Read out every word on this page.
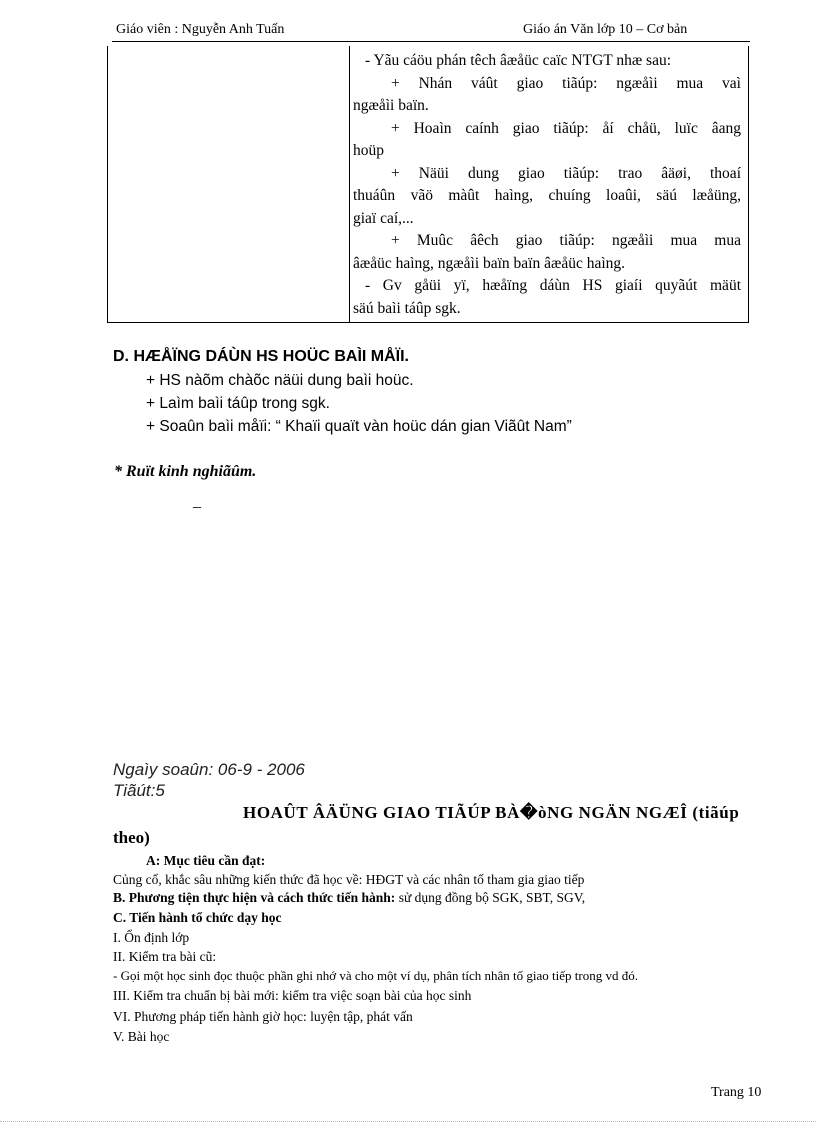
Giáo viên : Nguyễn Anh Tuấn	Giáo án Văn lớp 10 – Cơ bản
- Yãu cáöu phán têch âæåüc caïc NTGT nhæ sau:
+ Nhán váût giao tiãúp: ngæåìi mua vaì
ngæåìi baïn.
+ Hoaìn caính giao tiãúp: åí chåü, luïc âang
hoüp
+ Näüi dung giao tiãúp: trao âäøi, thoaí
thuáûn vãö màût haìng, chuíng loaûi, säú læåüng,
giaï caí,...
+ Muûc âêch giao tiãúp: ngæåìi mua mua
âæåüc haìng, ngæåìi baïn baïn âæåüc haìng.
- Gv gåüi yï, hæåïng dáùn HS giaíi quyãút mäüt
säú baìi táûp sgk.
D. HÆÅÏNG DÁÙN HS HOÜC BAÌI MÅÏI.
+ HS nàõm chàõc näüi dung baìi hoüc.
+ Laìm baìi táûp trong sgk.
+ Soaûn baìi måïi: “ Khaïi quaït vàn hoüc dán gian Viãût Nam”
* Ruït kinh nghiãûm.
_
Ngaìy soaûn: 06-9 - 2006
Tiãút:5
HOAÛT ÂÄÜNG GIAO TIÃÚP BÀ�òNG NGÄN NGÆÎ (tiãúp
theo)
A: Mục tiêu cần đạt:
Củng cố, khắc sâu những kiến thức đã học về: HĐGT và các nhân tố tham gia giao tiếp
B. Phương tiện thực hiện và cách thức tiến hành: sử dụng đồng bộ SGK, SBT, SGV,
C. Tiến hành tổ chức dạy học
I. Ổn định lớp
II. Kiểm tra bài cũ:
- Gọi một học sinh đọc thuộc phần ghi nhớ và cho một ví dụ, phân tích nhân tố giao tiếp trong vd đó.
III. Kiểm tra chuẩn bị bài mới: kiểm tra việc soạn bài của học sinh
VI. Phương pháp tiến hành giờ học: luyện tập, phát vấn
V. Bài học
Trang 10
